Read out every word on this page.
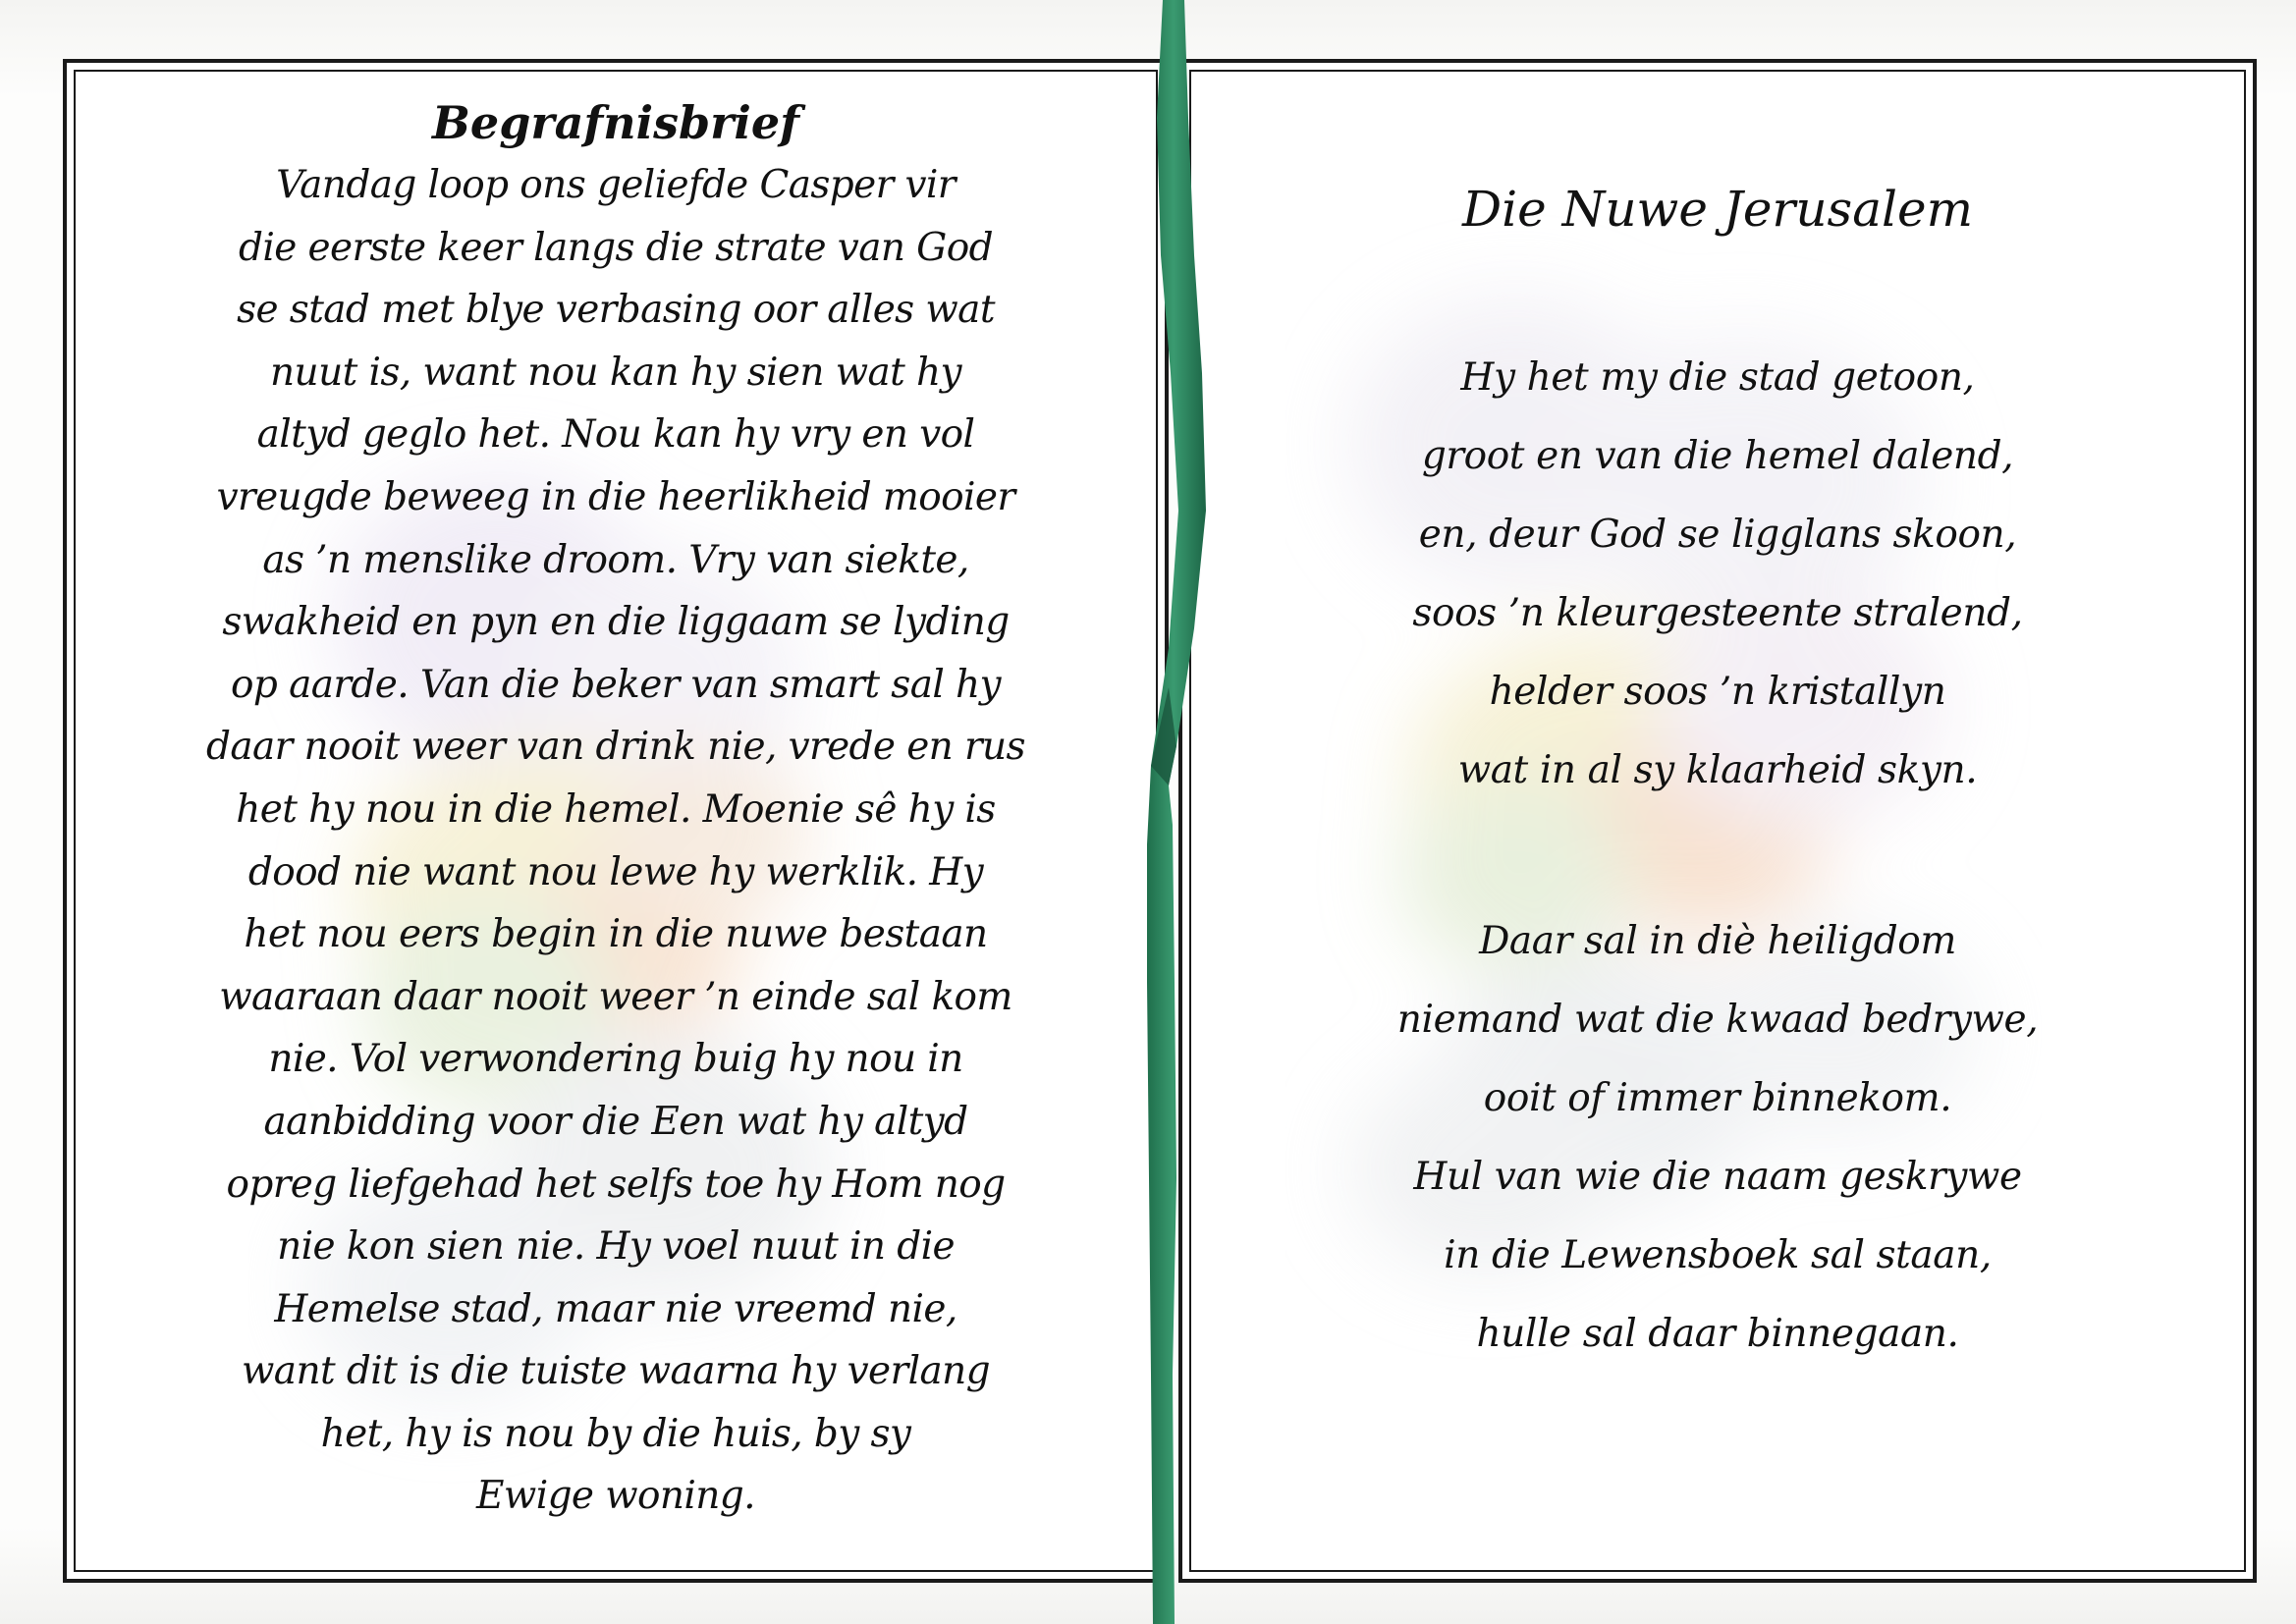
Begrafnisbrief
Vandag loop ons geliefde Casper vir
die eerste keer langs die strate van God
se stad met blye verbasing oor alles wat
nuut is, want nou kan hy sien wat hy
altyd geglo het. Nou kan hy vry en vol
vreugde beweeg in die heerlikheid mooier
as ’n menslike droom. Vry van siekte,
swakheid en pyn en die liggaam se lyding
op aarde. Van die beker van smart sal hy
daar nooit weer van drink nie, vrede en rus
het hy nou in die hemel. Moenie sê hy is
dood nie want nou lewe hy werklik. Hy
het nou eers begin in die nuwe bestaan
waaraan daar nooit weer ’n einde sal kom
nie. Vol verwondering buig hy nou in
aanbidding voor die Een wat hy altyd
opreg liefgehad het selfs toe hy Hom nog
nie kon sien nie. Hy voel nuut in die
Hemelse stad, maar nie vreemd nie,
want dit is die tuiste waarna hy verlang
het, hy is nou by die huis, by sy
Ewige woning.
Die Nuwe Jerusalem
Hy het my die stad getoon,
groot en van die hemel dalend,
en, deur God se ligglans skoon,
soos ’n kleurgesteente stralend,
helder soos ’n kristallyn
wat in al sy klaarheid skyn.
Daar sal in diè heiligdom
niemand wat die kwaad bedrywe,
ooit of immer binnekom.
Hul van wie die naam geskrywe
in die Lewensboek sal staan,
hulle sal daar binnegaan.
